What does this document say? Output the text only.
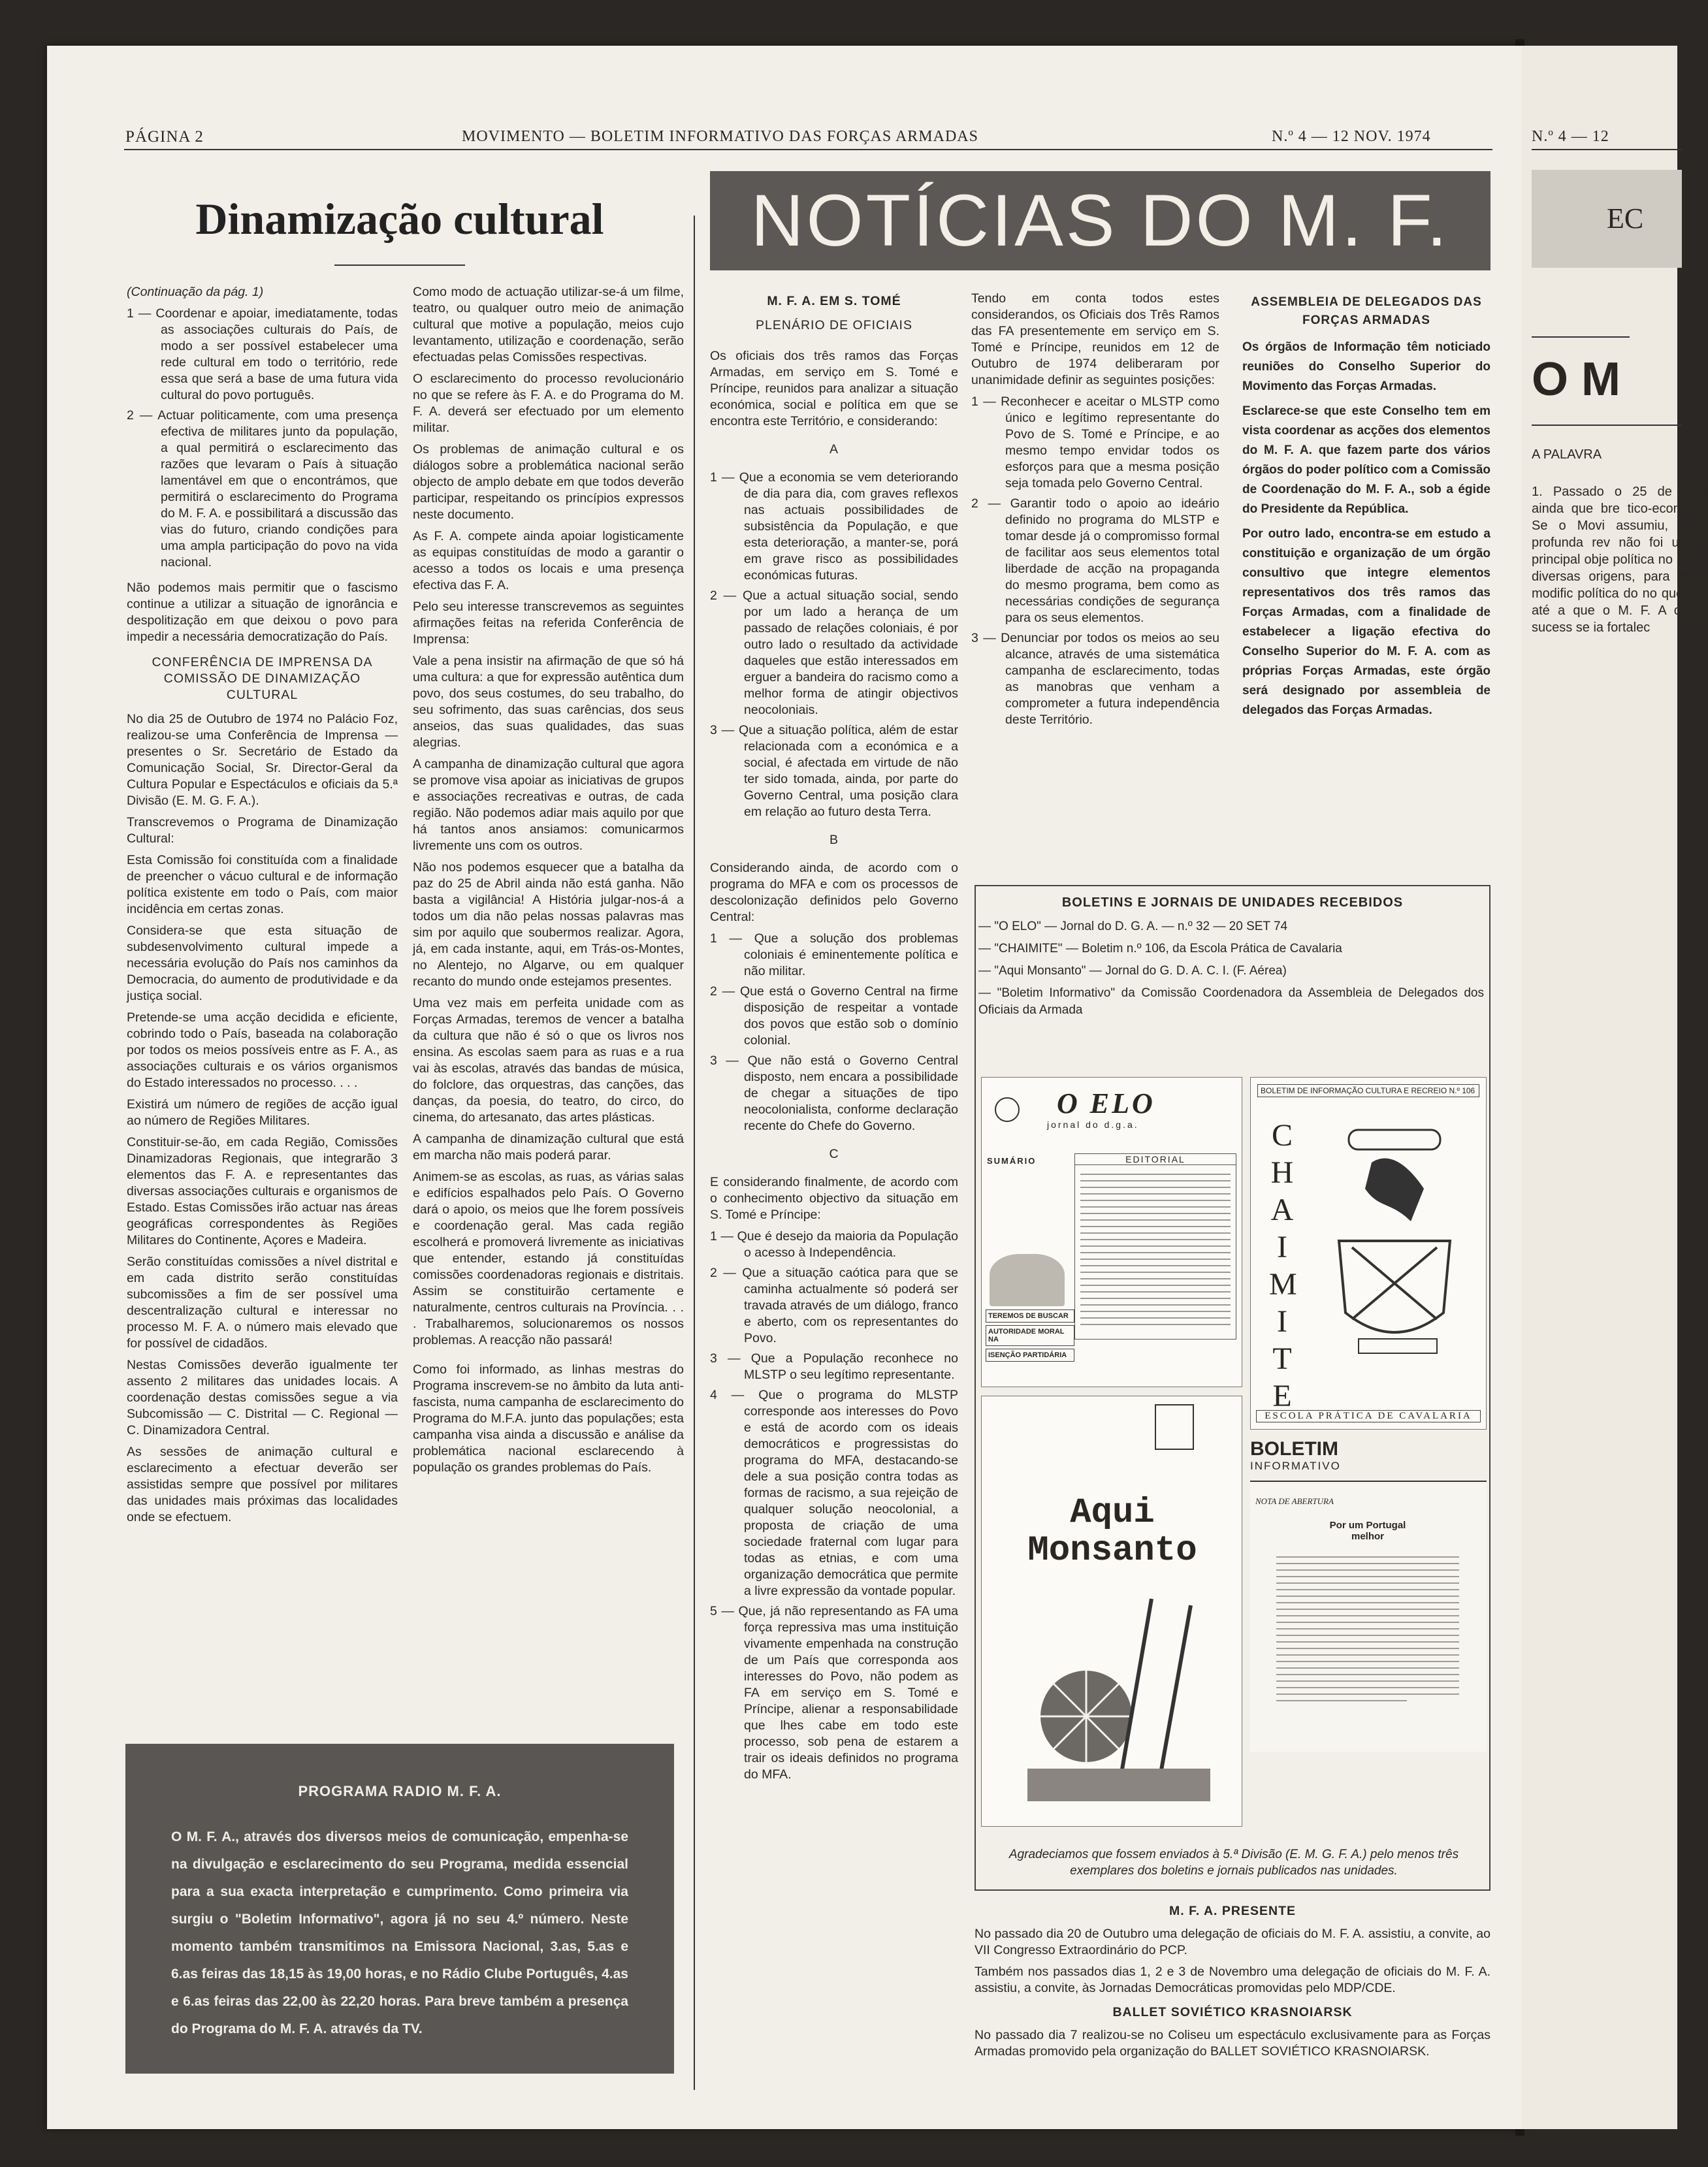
PÁGINA 2	MOVIMENTO — BOLETIM INFORMATIVO DAS FORÇAS ARMADAS	N.º 4 — 12 NOV. 1974
Dinamização cultural

(Continuação da pág. 1)

1 — Coordenar e apoiar, imediatamente, todas as associações culturais do País, de modo a ser possível estabelecer uma rede cultural em todo o território, rede essa que será a base de uma futura vida cultural do povo português.
2 — Actuar politicamente, com uma presença efectiva de militares junto da população, a qual permitirá o esclarecimento das razões que levaram o País à situação lamentável em que o encontrámos, que permitirá o esclarecimento do Programa do M. F. A. e possibilitará a discussão das vias do futuro, criando condições para uma ampla participação do povo na vida nacional.

Não podemos mais permitir que o fascismo continue a utilizar a situação de ignorância e despolitização em que deixou o povo para impedir a necessária democratização do País.

CONFERÊNCIA DE IMPRENSA DA COMISSÃO DE DINAMIZAÇÃO CULTURAL

No dia 25 de Outubro de 1974 no Palácio Foz, realizou-se uma Conferência de Imprensa — presentes o Sr. Secretário de Estado da Comunicação Social, Sr. Director-Geral da Cultura Popular e Espectáculos e oficiais da 5.ª Divisão (E. M. G. F. A.).

Transcrevemos o Programa de Dinamização Cultural:

Esta Comissão foi constituída com a finalidade de preencher o vácuo cultural e de informação política existente em todo o País, com maior incidência em certas zonas.

Considera-se que esta situação de subdesenvolvimento cultural impede a necessária evolução do País nos caminhos da Democracia, do aumento de produtividade e da justiça social.

Pretende-se uma acção decidida e eficiente, cobrindo todo o País, baseada na colaboração por todos os meios possíveis entre as F. A., as associações culturais e os vários organismos do Estado interessados no processo. . . .

Existirá um número de regiões de acção igual ao número de Regiões Militares.

Constituir-se-ão, em cada Região, Comissões Dinamizadoras Regionais, que integrarão 3 elementos das F. A. e representantes das diversas associações culturais e organismos de Estado. Estas Comissões irão actuar nas áreas geográficas correspondentes às Regiões Militares do Continente, Açores e Madeira.

Serão constituídas comissões a nível distrital e em cada distrito serão constituídas subcomissões a fim de ser possível uma descentralização cultural e interessar no processo M. F. A. o número mais elevado que for possível de cidadãos.

Nestas Comissões deverão igualmente ter assento 2 militares das unidades locais. A coordenação destas comissões segue a via Subcomissão — C. Distrital — C. Regional — C. Dinamizadora Central.

As sessões de animação cultural e esclarecimento a efectuar deverão ser assistidas sempre que possível por militares das unidades mais próximas das localidades onde se efectuem.

Como modo de actuação utilizar-se-á um filme, teatro, ou qualquer outro meio de animação cultural que motive a população, meios cujo levantamento, utilização e coordenação, serão efectuadas pelas Comissões respectivas.

O esclarecimento do processo revolucionário no que se refere às F. A. e do Programa do M. F. A. deverá ser efectuado por um elemento militar.

Os problemas de animação cultural e os diálogos sobre a problemática nacional serão objecto de amplo debate em que todos deverão participar, respeitando os princípios expressos neste documento.

As F. A. compete ainda apoiar logisticamente as equipas constituídas de modo a garantir o acesso a todos os locais e uma presença efectiva das F. A.

Pelo seu interesse transcrevemos as seguintes afirmações feitas na referida Conferência de Imprensa:

Vale a pena insistir na afirmação de que só há uma cultura: a que for expressão autêntica dum povo, dos seus costumes, do seu trabalho, do seu sofrimento, das suas carências, dos seus anseios, das suas qualidades, das suas alegrias.

A campanha de dinamização cultural que agora se promove visa apoiar as iniciativas de grupos e associações recreativas e outras, de cada região. Não podemos adiar mais aquilo por que há tantos anos ansiamos: comunicarmos livremente uns com os outros.

Não nos podemos esquecer que a batalha da paz do 25 de Abril ainda não está ganha. Não basta a vigilância! A História julgar-nos-á a todos um dia não pelas nossas palavras mas sim por aquilo que soubermos realizar. Agora, já, em cada instante, aqui, em Trás-os-Montes, no Alentejo, no Algarve, ou em qualquer recanto do mundo onde estejamos presentes.

Uma vez mais em perfeita unidade com as Forças Armadas, teremos de vencer a batalha da cultura que não é só o que os livros nos ensina. As escolas saem para as ruas e a rua vai às escolas, através das bandas de música, do folclore, das orquestras, das canções, das danças, da poesia, do teatro, do circo, do cinema, do artesanato, das artes plásticas.

A campanha de dinamização cultural que está em marcha não mais poderá parar.

Animem-se as escolas, as ruas, as várias salas e edifícios espalhados pelo País. O Governo dará o apoio, os meios que lhe forem possíveis e coordenação geral. Mas cada região escolherá e promoverá livremente as iniciativas que entender, estando já constituídas comissões coordenadoras regionais e distritais. Assim se constituirão certamente e naturalmente, centros culturais na Província. . . . Trabalharemos, solucionaremos os nossos problemas. A reacção não passará!

Como foi informado, as linhas mestras do Programa inscrevem-se no âmbito da luta anti-fascista, numa campanha de esclarecimento do Programa do M.F.A. junto das populações; esta campanha visa ainda a discussão e análise da problemática nacional esclarecendo à população os grandes problemas do País.

PROGRAMA RADIO M. F. A.
O M. F. A., através dos diversos meios de comunicação, empenha-se na divulgação e esclarecimento do seu Programa, medida essencial para a sua exacta interpretação e cumprimento. Como primeira via surgiu o "Boletim Informativo", agora já no seu 4.º número. Neste momento também transmitimos na Emissora Nacional, 3.as, 5.as e 6.as feiras das 18,15 às 19,00 horas, e no Rádio Clube Português, 4.as e 6.as feiras das 22,00 às 22,20 horas. Para breve também a presença do Programa do M. F. A. através da TV.
NOTÍCIAS DO M. F. A.
M. F. A. EM S. TOMÉ
PLENÁRIO DE OFICIAIS

Os oficiais dos três ramos das Forças Armadas, em serviço em S. Tomé e Príncipe, reunidos para analizar a situação económica, social e política em que se encontra este Território, e considerando:

A
1 — Que a economia se vem deteriorando de dia para dia, com graves reflexos nas actuais possibilidades de subsistência da População, e que esta deterioração, a manter-se, porá em grave risco as possibilidades económicas futuras.
2 — Que a actual situação social, sendo por um lado a herança de um passado de relações coloniais, é por outro lado o resultado da actividade daqueles que estão interessados em erguer a bandeira do racismo como a melhor forma de atingir objectivos neocoloniais.
3 — Que a situação política, além de estar relacionada com a económica e a social, é afectada em virtude de não ter sido tomada, ainda, por parte do Governo Central, uma posição clara em relação ao futuro desta Terra.
B

Considerando ainda, de acordo com o programa do MFA e com os processos de descolonização definidos pelo Governo Central:

1 — Que a solução dos problemas coloniais é eminentemente política e não militar.
2 — Que está o Governo Central na firme disposição de respeitar a vontade dos povos que estão sob o domínio colonial.
3 — Que não está o Governo Central disposto, nem encara a possibilidade de chegar a situações de tipo neocolonialista, conforme declaração recente do Chefe do Governo.
C

E considerando finalmente, de acordo com o conhecimento objectivo da situação em S. Tomé e Príncipe:

1 — Que é desejo da maioria da População o acesso à Independência.
2 — Que a situação caótica para que se caminha actualmente só poderá ser travada através de um diálogo, franco e aberto, com os representantes do Povo.
3 — Que a População reconhece no MLSTP o seu legítimo representante.
4 — Que o programa do MLSTP corresponde aos interesses do Povo e está de acordo com os ideais democráticos e progressistas do programa do MFA, destacando-se dele a sua posição contra todas as formas de racismo, a sua rejeição de qualquer solução neocolonial, a proposta de criação de uma sociedade fraternal com lugar para todas as etnias, e com uma organização democrática que permite a livre expressão da vontade popular.
5 — Que, já não representando as FA uma força repressiva mas uma instituição vivamente empenhada na construção de um País que corresponda aos interesses do Povo, não podem as FA em serviço em S. Tomé e Príncipe, alienar a responsabilidade que lhes cabe em todo este processo, sob pena de estarem a trair os ideais definidos no programa do MFA.

Tendo em conta todos estes considerandos, os Oficiais dos Três Ramos das FA presentemente em serviço em S. Tomé e Príncipe, reunidos em 12 de Outubro de 1974 deliberaram por unanimidade definir as seguintes posições:

1 — Reconhecer e aceitar o MLSTP como único e legítimo representante do Povo de S. Tomé e Príncipe, e ao mesmo tempo envidar todos os esforços para que a mesma posição seja tomada pelo Governo Central.
2 — Garantir todo o apoio ao ideário definido no programa do MLSTP e tomar desde já o compromisso formal de facilitar aos seus elementos total liberdade de acção na propaganda do mesmo programa, bem como as necessárias condições de segurança para os seus elementos.
3 — Denunciar por todos os meios ao seu alcance, através de uma sistemática campanha de esclarecimento, todas as manobras que venham a comprometer a futura independência deste Território.
ASSEMBLEIA DE DELEGADOS DAS FORÇAS ARMADAS

Os órgãos de Informação têm noticiado reuniões do Conselho Superior do Movimento das Forças Armadas.

Esclarece-se que este Conselho tem em vista coordenar as acções dos elementos do M. F. A. que fazem parte dos vários órgãos do poder político com a Comissão de Coordenação do M. F. A., sob a égide do Presidente da República.

Por outro lado, encontra-se em estudo a constituição e organização de um órgão consultivo que integre elementos representativos dos três ramos das Forças Armadas, com a finalidade de estabelecer a ligação efectiva do Conselho Superior do M. F. A. com as próprias Forças Armadas, este órgão será designado por assembleia de delegados das Forças Armadas.

BOLETINS E JORNAIS DE UNIDADES RECEBIDOS

— "O ELO" — Jornal do D. G. A. — n.º 32 — 20 SET 74

— "CHAIMITE" — Boletim n.º 106, da Escola Prática de Cavalaria

— "Aqui Monsanto" — Jornal do G. D. A. C. I. (F. Aérea)

— "Boletim Informativo" da Comissão Coordenadora da Assembleia de Delegados dos Oficiais da Armada

O ELO
jornal do d.g.a.
SUMÁRIO	EDITORIAL
TEREMOS DE BUSCAR
AUTORIDADE MORAL NA
ISENÇÃO PARTIDÁRIA
BOLETIM DE INFORMAÇÃO CULTURA E RECREIO N.º 106
CHAIMITE
ESCOLA PRÁTICA DE CAVALARIA
BOLETIM
INFORMATIVO
NOTA DE ABERTURA
Por um Portugal melhor
Aqui Monsanto
Agradeciamos que fossem enviados à 5.ª Divisão (E. M. G. F. A.) pelo menos três exemplares dos boletins e jornais publicados nas unidades.
M. F. A. PRESENTE

No passado dia 20 de Outubro uma delegação de oficiais do M. F. A. assistiu, a convite, ao VII Congresso Extraordinário do PCP.

Também nos passados dias 1, 2 e 3 de Novembro uma delegação de oficiais do M. F. A. assistiu, a convite, às Jornadas Democráticas promovidas pelo MDP/CDE.

BALLET SOVIÉTICO KRASNOIARSK

No passado dia 7 realizou-se no Coliseu um espectáculo exclusivamente para as Forças Armadas promovido pela organização do BALLET SOVIÉTICO KRASNOIARSK.

N.º 4 — 12
EC
O M
A PALAVRA
1. Passado o 25 de Abril ainda que bre tico-económic Se o Movi assumiu, no i profunda rev não foi um si principal obje política no P por diversas origens, para mera modific política do no quentes até a que o M. F. A crises sucess se ia fortalec
